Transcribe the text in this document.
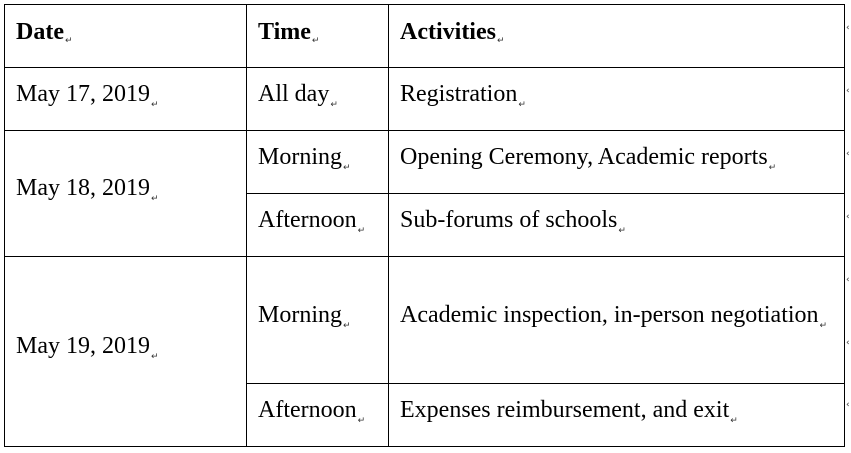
Date↵	Time↵	Activities↵
May 17, $2019_↵$	All day$_↵$	Registration$_↵$
May 18, $2019_↵$	Morning$_↵$	Opening Ceremony, Academic reports$_↵$
	Afternoon$_↵$	Sub-forums of schools$_↵$
May 19, $2019_↵$	Morning$_↵$	Academic inspection, in-person negotiation$_↵$
	Afternoon$_↵$	Expenses reimbursement, and exit$_↵$
‹
‹
‹
‹
‹
‹
‹
